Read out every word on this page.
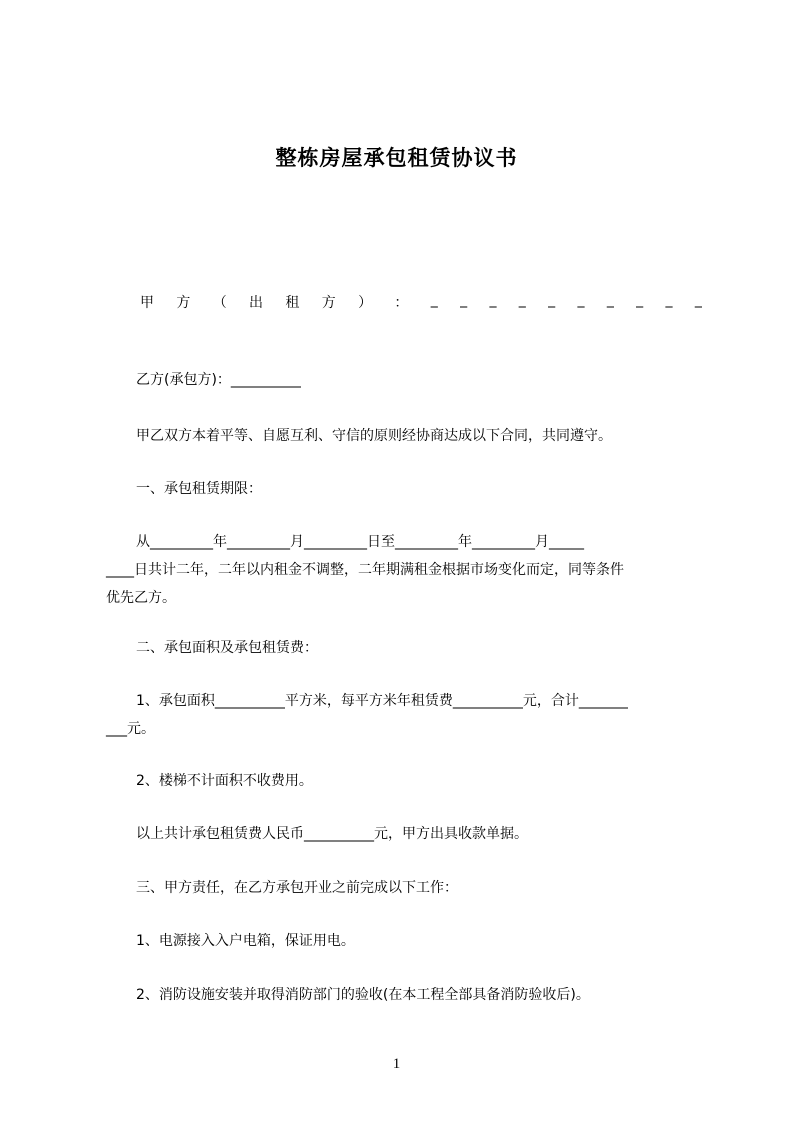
整栋房屋承包租赁协议书
甲 方 （ 出 租 方 ） ： _ _ _ _ _ _ _ _ _ _
乙方(承包方)：__________
甲乙双方本着平等、自愿互利、守信的原则经协商达成以下合同，共同遵守。
一、承包租赁期限：

从_________年_________月_________日至_________年_________月_____

____日共计二年，二年以内租金不调整，二年期满租金根据市场变化而定，同等条件

优先乙方。

二、承包面积及承包租赁费：

1、承包面积__________平方米，每平方米年租赁费__________元，合计_______

___元。

2、楼梯不计面积不收费用。
以上共计承包租赁费人民币__________元，甲方出具收款单据。
三、甲方责任，在乙方承包开业之前完成以下工作：
1、电源接入入户电箱，保证用电。
2、消防设施安装并取得消防部门的验收(在本工程全部具备消防验收后)。
1
